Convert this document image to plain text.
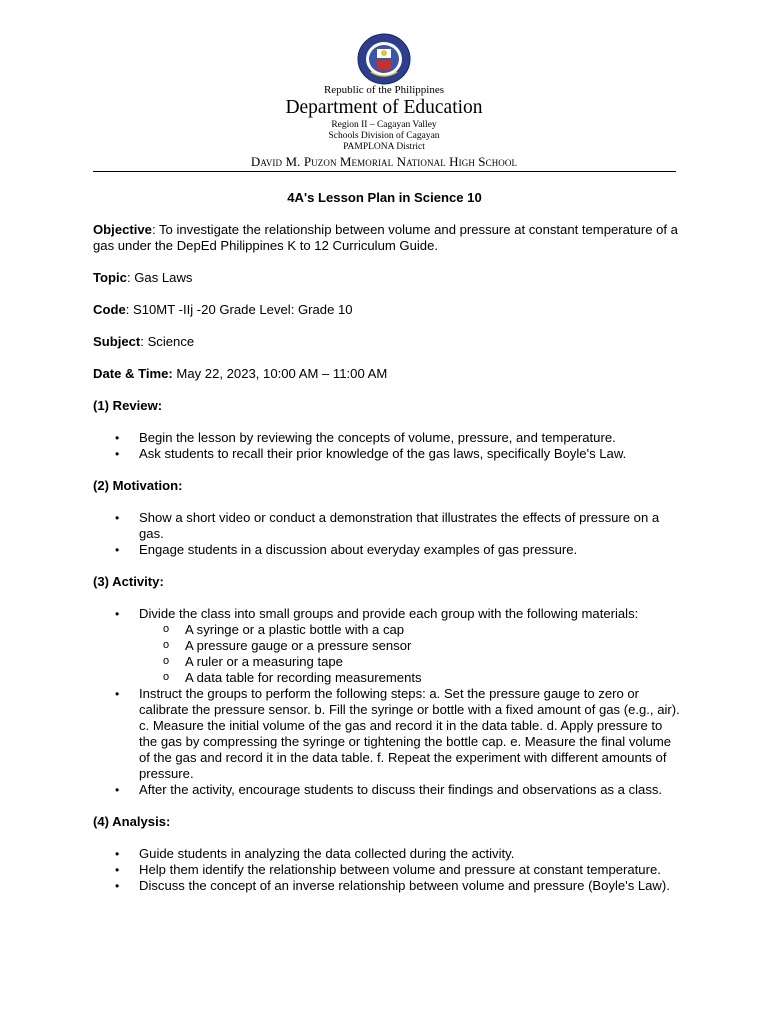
Republic of the Philippines
Department of Education
Region II – Cagayan Valley
Schools Division of Cagayan
PAMPLONA District
David M. Puzon Memorial National High School

4A's Lesson Plan in Science 10

Objective: To investigate the relationship between volume and pressure at constant temperature of a gas under the DepEd Philippines K to 12 Curriculum Guide.

Topic: Gas Laws

Code: S10MT -IIj -20 Grade Level: Grade 10

Subject: Science

Date & Time: May 22, 2023, 10:00 AM – 11:00 AM

(1) Review:

• Begin the lesson by reviewing the concepts of volume, pressure, and temperature.
• Ask students to recall their prior knowledge of the gas laws, specifically Boyle's Law.

(2) Motivation:

• Show a short video or conduct a demonstration that illustrates the effects of pressure on a gas.
• Engage students in a discussion about everyday examples of gas pressure.

(3) Activity:

• Divide the class into small groups and provide each group with the following materials:
o A syringe or a plastic bottle with a cap
o A pressure gauge or a pressure sensor
o A ruler or a measuring tape
o A data table for recording measurements
• Instruct the groups to perform the following steps: a. Set the pressure gauge to zero or calibrate the pressure sensor. b. Fill the syringe or bottle with a fixed amount of gas (e.g., air). c. Measure the initial volume of the gas and record it in the data table. d. Apply pressure to the gas by compressing the syringe or tightening the bottle cap. e. Measure the final volume of the gas and record it in the data table. f. Repeat the experiment with different amounts of pressure.
• After the activity, encourage students to discuss their findings and observations as a class.

(4) Analysis:

• Guide students in analyzing the data collected during the activity.
• Help them identify the relationship between volume and pressure at constant temperature.
• Discuss the concept of an inverse relationship between volume and pressure (Boyle's Law).
